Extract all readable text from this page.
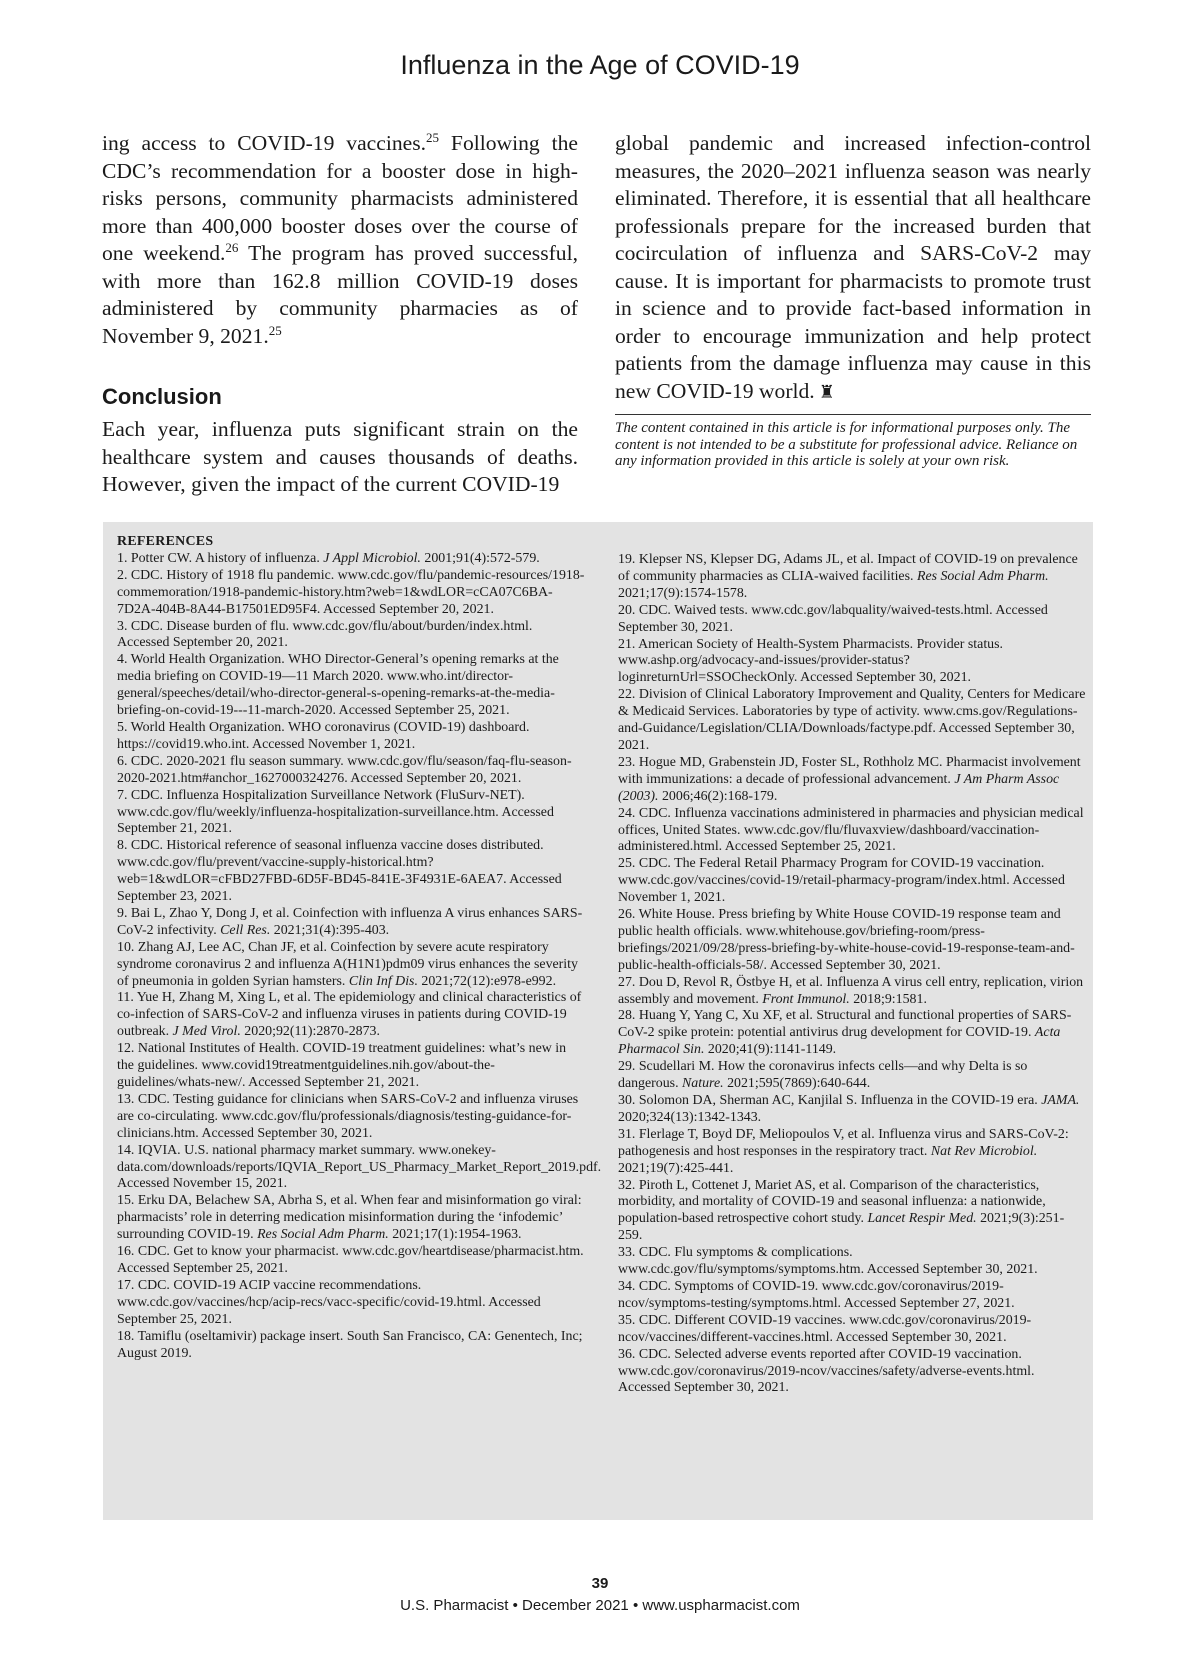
Influenza in the Age of COVID-19

ing access to COVID-19 vaccines.$^{25}$ Following the CDC’s recommendation for a booster dose in high-risks persons, community pharmacists administered more than 400,000 booster doses over the course of one weekend.$^{26}$ The program has proved successful, with more than 162.8 million COVID-19 doses administered by community pharmacies as of November 9, 2021.25

Conclusion

Each year, influenza puts significant strain on the healthcare system and causes thousands of deaths. However, given the impact of the current COVID-19

global pandemic and increased infection-control measures, the 2020–2021 influenza season was nearly eliminated. Therefore, it is essential that all healthcare professionals prepare for the increased burden that cocirculation of influenza and SARS-CoV-2 may cause. It is important for pharmacists to promote trust in science and to provide fact-based information in order to encourage immunization and help protect patients from the damage influenza may cause in this new COVID-19 world. ♜

The content contained in this article is for informational purposes only. The content is not intended to be a substitute for professional advice. Reliance on any information provided in this article is solely at your own risk.

REFERENCES

1. Potter CW. A history of influenza. J Appl Microbiol. 2001;91(4):572-579.

2. CDC. History of 1918 flu pandemic. www.cdc.gov/flu/pandemic-resources/1918-commemoration/1918-pandemic-history.htm?web=1&wdLOR=cCA07C6BA-7D2A-404B-8A44-B17501ED95F4. Accessed September 20, 2021.

3. CDC. Disease burden of flu. www.cdc.gov/flu/about/burden/index.html. Accessed September 20, 2021.

4. World Health Organization. WHO Director-General’s opening remarks at the media briefing on COVID-19—11 March 2020. www.who.int/director-general/speeches/detail/who-director-general-s-opening-remarks-at-the-media-briefing-on-covid-19---11-march-2020. Accessed September 25, 2021.

5. World Health Organization. WHO coronavirus (COVID-19) dashboard. https://covid19.who.int. Accessed November 1, 2021.

6. CDC. 2020-2021 flu season summary. www.cdc.gov/flu/season/faq-flu-season-2020-2021.htm#anchor_1627000324276. Accessed September 20, 2021.

7. CDC. Influenza Hospitalization Surveillance Network (FluSurv-NET). www.cdc.gov/flu/weekly/influenza-hospitalization-surveillance.htm. Accessed September 21, 2021.

8. CDC. Historical reference of seasonal influenza vaccine doses distributed. www.cdc.gov/flu/prevent/vaccine-supply-historical.htm?web=1&wdLOR=cFBD27FBD-6D5F-BD45-841E-3F4931E-6AEA7. Accessed September 23, 2021.

9. Bai L, Zhao Y, Dong J, et al. Coinfection with influenza A virus enhances SARS-CoV-2 infectivity. Cell Res. 2021;31(4):395-403.

10. Zhang AJ, Lee AC, Chan JF, et al. Coinfection by severe acute respiratory syndrome coronavirus 2 and influenza A(H1N1)pdm09 virus enhances the severity of pneumonia in golden Syrian hamsters. Clin Inf Dis. 2021;72(12):e978-e992.

11. Yue H, Zhang M, Xing L, et al. The epidemiology and clinical characteristics of co-infection of SARS-CoV-2 and influenza viruses in patients during COVID-19 outbreak. J Med Virol. 2020;92(11):2870-2873.

12. National Institutes of Health. COVID-19 treatment guidelines: what’s new in the guidelines. www.covid19treatmentguidelines.nih.gov/about-the-guidelines/whats-new/. Accessed September 21, 2021.

13. CDC. Testing guidance for clinicians when SARS-CoV-2 and influenza viruses are co-circulating. www.cdc.gov/flu/professionals/diagnosis/testing-guidance-for-clinicians.htm. Accessed September 30, 2021.

14. IQVIA. U.S. national pharmacy market summary. www.onekey-data.com/downloads/reports/IQVIA_Report_US_Pharmacy_Market_Report_2019.pdf. Accessed November 15, 2021.

15. Erku DA, Belachew SA, Abrha S, et al. When fear and misinformation go viral: pharmacists’ role in deterring medication misinformation during the ‘infodemic’ surrounding COVID-19. Res Social Adm Pharm. 2021;17(1):1954-1963.

16. CDC. Get to know your pharmacist. www.cdc.gov/heartdisease/pharmacist.htm. Accessed September 25, 2021.

17. CDC. COVID-19 ACIP vaccine recommendations. www.cdc.gov/vaccines/hcp/acip-recs/vacc-specific/covid-19.html. Accessed September 25, 2021.

18. Tamiflu (oseltamivir) package insert. South San Francisco, CA: Genentech, Inc; August 2019.

19. Klepser NS, Klepser DG, Adams JL, et al. Impact of COVID-19 on prevalence of community pharmacies as CLIA-waived facilities. Res Social Adm Pharm. 2021;17(9):1574-1578.

20. CDC. Waived tests. www.cdc.gov/labquality/waived-tests.html. Accessed September 30, 2021.

21. American Society of Health-System Pharmacists. Provider status. www.ashp.org/advocacy-and-issues/provider-status?loginreturnUrl=SSOCheckOnly. Accessed September 30, 2021.

22. Division of Clinical Laboratory Improvement and Quality, Centers for Medicare & Medicaid Services. Laboratories by type of activity. www.cms.gov/Regulations-and-Guidance/Legislation/CLIA/Downloads/factype.pdf. Accessed September 30, 2021.

23. Hogue MD, Grabenstein JD, Foster SL, Rothholz MC. Pharmacist involvement with immunizations: a decade of professional advancement. J Am Pharm Assoc (2003). 2006;46(2):168-179.

24. CDC. Influenza vaccinations administered in pharmacies and physician medical offices, United States. www.cdc.gov/flu/fluvaxview/dashboard/vaccination-administered.html. Accessed September 25, 2021.

25. CDC. The Federal Retail Pharmacy Program for COVID-19 vaccination. www.cdc.gov/vaccines/covid-19/retail-pharmacy-program/index.html. Accessed November 1, 2021.

26. White House. Press briefing by White House COVID-19 response team and public health officials. www.whitehouse.gov/briefing-room/press-briefings/2021/09/28/press-briefing-by-white-house-covid-19-response-team-and-public-health-officials-58/. Accessed September 30, 2021.

27. Dou D, Revol R, Östbye H, et al. Influenza A virus cell entry, replication, virion assembly and movement. Front Immunol. 2018;9:1581.

28. Huang Y, Yang C, Xu XF, et al. Structural and functional properties of SARS-CoV-2 spike protein: potential antivirus drug development for COVID-19. Acta Pharmacol Sin. 2020;41(9):1141-1149.

29. Scudellari M. How the coronavirus infects cells—and why Delta is so dangerous. Nature. 2021;595(7869):640-644.

30. Solomon DA, Sherman AC, Kanjilal S. Influenza in the COVID-19 era. JAMA. 2020;324(13):1342-1343.

31. Flerlage T, Boyd DF, Meliopoulos V, et al. Influenza virus and SARS-CoV-2: pathogenesis and host responses in the respiratory tract. Nat Rev Microbiol. 2021;19(7):425-441.

32. Piroth L, Cottenet J, Mariet AS, et al. Comparison of the characteristics, morbidity, and mortality of COVID-19 and seasonal influenza: a nationwide, population-based retrospective cohort study. Lancet Respir Med. 2021;9(3):251-259.

33. CDC. Flu symptoms & complications. www.cdc.gov/flu/symptoms/symptoms.htm. Accessed September 30, 2021.

34. CDC. Symptoms of COVID-19. www.cdc.gov/coronavirus/2019-ncov/symptoms-testing/symptoms.html. Accessed September 27, 2021.

35. CDC. Different COVID-19 vaccines. www.cdc.gov/coronavirus/2019-ncov/vaccines/different-vaccines.html. Accessed September 30, 2021.

36. CDC. Selected adverse events reported after COVID-19 vaccination. www.cdc.gov/coronavirus/2019-ncov/vaccines/safety/adverse-events.html. Accessed September 30, 2021.

39
U.S. Pharmacist • December 2021 • www.uspharmacist.com
